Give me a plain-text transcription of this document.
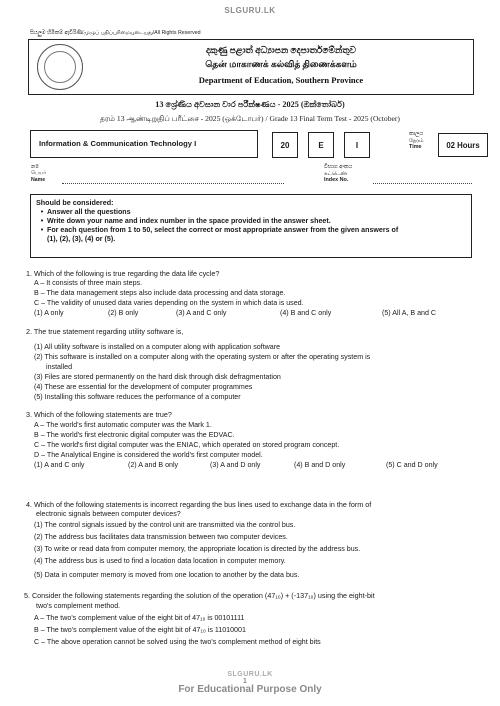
SLGURU.LK
සියලුම හිමිකම් ඇවිරිණි/முழுப் பதிப்புரிமையுடையது/All Rights Reserved
දකුණු පළාත් අධ්‍යාපන දෙපාර්තමේන්තුව
தென் மாகாணக் கல்வித் திணைக்களம்
Department of Education, Southern Province
13 ශ්‍රේණිය අවසාන වාර පරීක්ෂණය - 2025 (ඔක්තෝබර්)
தரம் 13 ஆண்டிறுதிப் பரீட்சை - 2025 (ஒக்டோபர்) / Grade 13 Final Term Test - 2025 (October)
Information & Communication Technology I	20	E	I
කාලය
நேரம்
Time	02 Hours
නම
பெயர்
Name
විභාග අංකය
சுட்டெண்
Index No.
Should be considered:
• Answer all the questions
• Write down your name and index number in the space provided in the answer sheet.
• For each question from 1 to 50, select the correct or most appropriate answer from the given answers of
(1), (2), (3), (4) or (5).
1. Which of the following is true regarding the data life cycle?
A – It consists of three main steps.
B – The data management steps also include data processing and data storage.
C – The validity of unused data varies depending on the system in which data is used.
(1) A only	(2) B only	(3) A and C only	(4) B and C only	(5) All A, B and C
2. The true statement regarding utility software is,
(1) All utility software is installed on a computer along with application software
(2) This software is installed on a computer along with the operating system or after the operating system is
installed
(3) Files are stored permanently on the hard disk through disk defragmentation
(4) These are essential for the development of computer programmes
(5) Installing this software reduces the performance of a computer
3. Which of the following statements are true?
A – The world's first automatic computer was the Mark 1.
B – The world's first electronic digital computer was the EDVAC.
C – The world's first digital computer was the ENIAC, which operated on stored program concept.
D – The Analytical Engine is considered the world's first computer model.
(1) A and C only	(2) A and B only	(3) A and D only	(4) B and D only	(5) C and D only
4. Which of the following statements is incorrect regarding the bus lines used to exchange data in the form of
electronic signals between computer devices?
(1) The control signals issued by the control unit are transmitted via the control bus.
(2) The address bus facilitates data transmission between two computer devices.
(3) To write or read data from computer memory, the appropriate location is directed by the address bus.
(4) The address bus is used to find a location data location in computer memory.
(5) Data in computer memory is moved from one location to another by the data bus.
5. Consider the following statements regarding the solution of the operation (47₁₀) + (-137₁₀) using the eight-bit
two's complement method.
A – The two's complement value of the eight bit of 47₁₀ is 00101111
B – The two's complement value of the eight bit of 47₁₀ is 11010001
C – The above operation cannot be solved using the two's complement method of eight bits
SLGURU.LK
1
For Educational Purpose Only
